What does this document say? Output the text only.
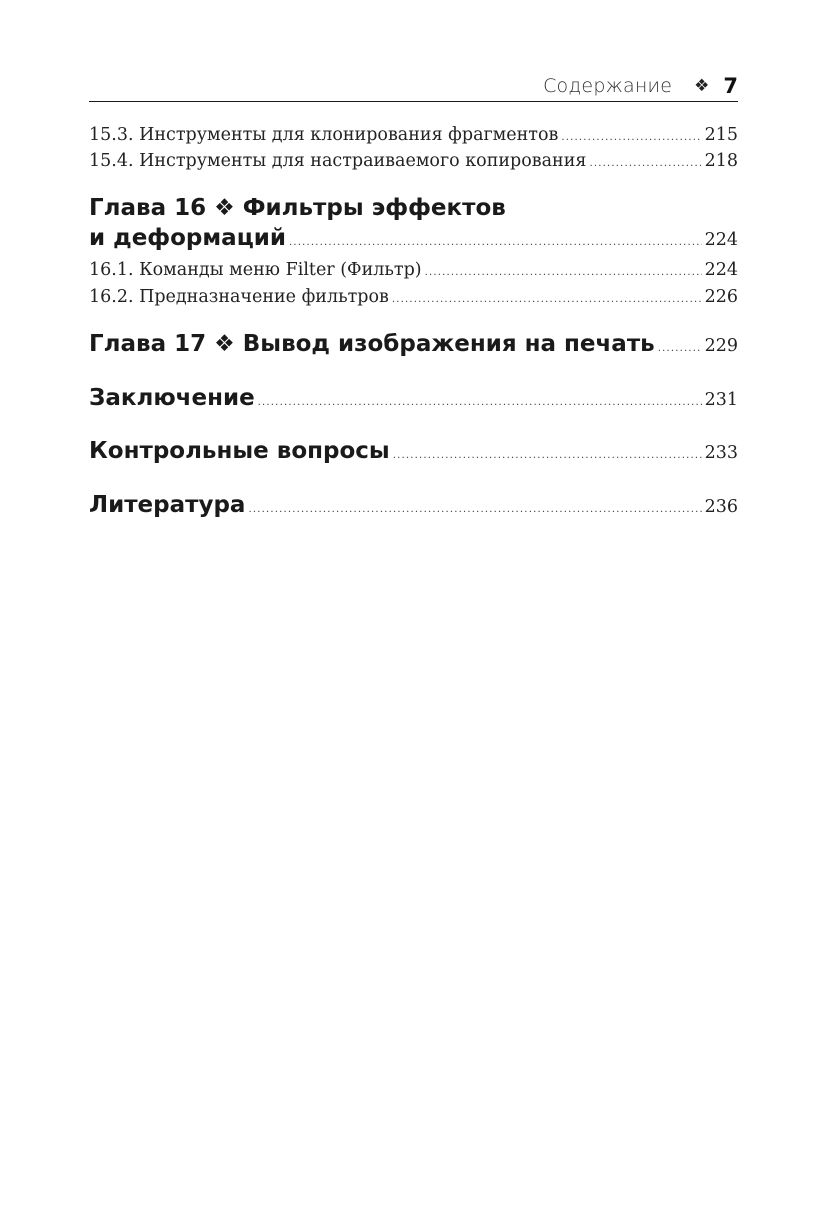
Содержание ❖ 7
15.3. Инструменты для клонирования фрагментов .....	215
15.4. Инструменты для настраиваемого копирования .....	218
Глава 16 ❖ Фильтры эффектов
и деформаций .....	224
16.1. Команды меню Filter (Фильтр) .....	224
16.2. Предназначение фильтров .....	226
Глава 17 ❖ Вывод изображения на печать .....	229
Заключение .....	231
Контрольные вопросы .....	233
Литература .....	236
